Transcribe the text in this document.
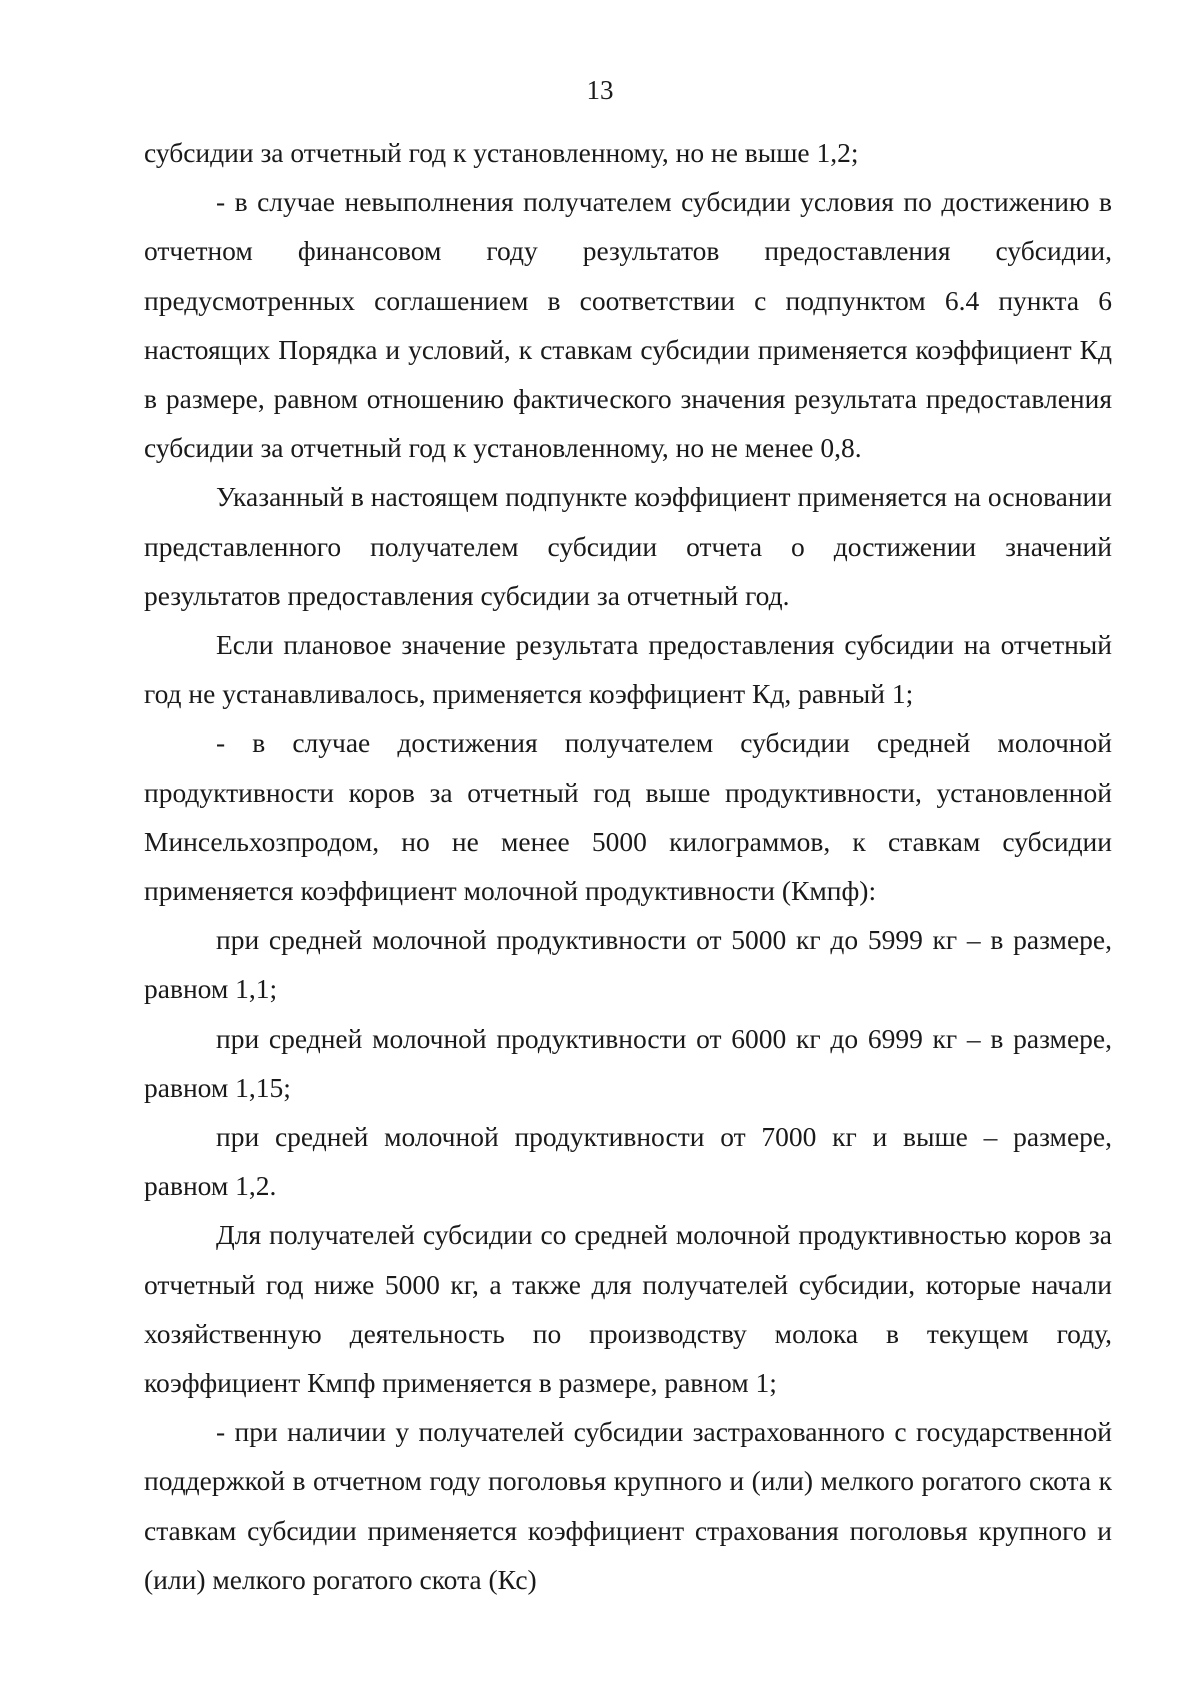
13

субсидии за отчетный год к установленному, но не выше 1,2;

- в случае невыполнения получателем субсидии условия по достижению в отчетном финансовом году результатов предоставления субсидии, предусмотренных соглашением в соответствии с подпунктом 6.4 пункта 6 настоящих Порядка и условий, к ставкам субсидии применяется коэффициент Кд в размере, равном отношению фактического значения результата предоставления субсидии за отчетный год к установленному, но не менее 0,8.

Указанный в настоящем подпункте коэффициент применяется на основании представленного получателем субсидии отчета о достижении значений результатов предоставления субсидии за отчетный год.

Если плановое значение результата предоставления субсидии на отчетный год не устанавливалось, применяется коэффициент Кд, равный 1;

- в случае достижения получателем субсидии средней молочной продуктивности коров за отчетный год выше продуктивности, установленной Минсельхозпродом, но не менее 5000 килограммов, к ставкам субсидии применяется коэффициент молочной продуктивности (Кмпф):

при средней молочной продуктивности от 5000 кг до 5999 кг – в размере, равном 1,1;

при средней молочной продуктивности от 6000 кг до 6999 кг – в размере, равном 1,15;

при средней молочной продуктивности от 7000 кг и выше – размере, равном 1,2.

Для получателей субсидии со средней молочной продуктивностью коров за отчетный год ниже 5000 кг, а также для получателей субсидии, которые начали хозяйственную деятельность по производству молока в текущем году, коэффициент Кмпф применяется в размере, равном 1;

- при наличии у получателей субсидии застрахованного с государственной поддержкой в отчетном году поголовья крупного и (или) мелкого рогатого скота к ставкам субсидии применяется коэффициент страхования поголовья крупного и (или) мелкого рогатого скота (Кс)
